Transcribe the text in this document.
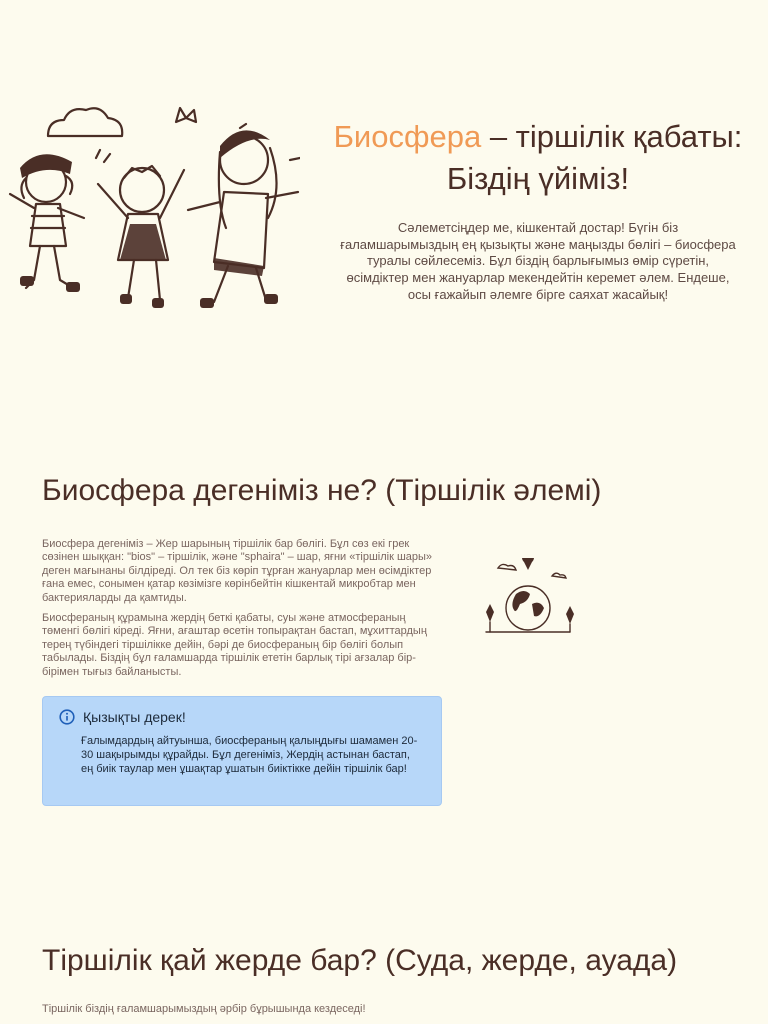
Биосфера – тіршілік қабаты: Біздің үйіміз!

Сәлеметсіңдер ме, кішкентай достар! Бүгін біз ғаламшарымыздың ең қызықты және маңызды бөлігі – биосфера туралы сөйлесеміз. Бұл біздің барлығымыз өмір сүретін, өсімдіктер мен жануарлар мекендейтін керемет әлем. Ендеше, осы ғажайып әлемге бірге саяхат жасайық!

Биосфера дегеніміз не? (Тіршілік әлемі)

Биосфера дегеніміз – Жер шарының тіршілік бар бөлігі. Бұл сөз екі грек сөзінен шыққан: "bios" – тіршілік, және "sphaira" – шар, яғни «тіршілік шары» деген мағынаны білдіреді. Ол тек біз көріп тұрған жануарлар мен өсімдіктер ғана емес, сонымен қатар көзімізге көрінбейтін кішкентай микробтар мен бактерияларды да қамтиды.

Биосфераның құрамына жердің беткі қабаты, суы және атмосфераның төменгі бөлігі кіреді. Яғни, ағаштар өсетін топырақтан бастап, мұхиттардың терең түбіндегі тіршілікке дейін, бәрі де биосфераның бір бөлігі болып табылады. Біздің бұл ғаламшарда тіршілік ететін барлық тірі ағзалар бір-бірімен тығыз байланысты.

Қызықты дерек!

Ғалымдардың айтуынша, биосфераның қалыңдығы шамамен 20-30 шақырымды құрайды. Бұл дегеніміз, Жердің астынан бастап, ең биік таулар мен ұшақтар ұшатын биіктікке дейін тіршілік бар!

Тіршілік қай жерде бар? (Суда, жерде, ауада)

Тіршілік біздің ғаламшарымыздың әрбір бұрышында кездеседі!
